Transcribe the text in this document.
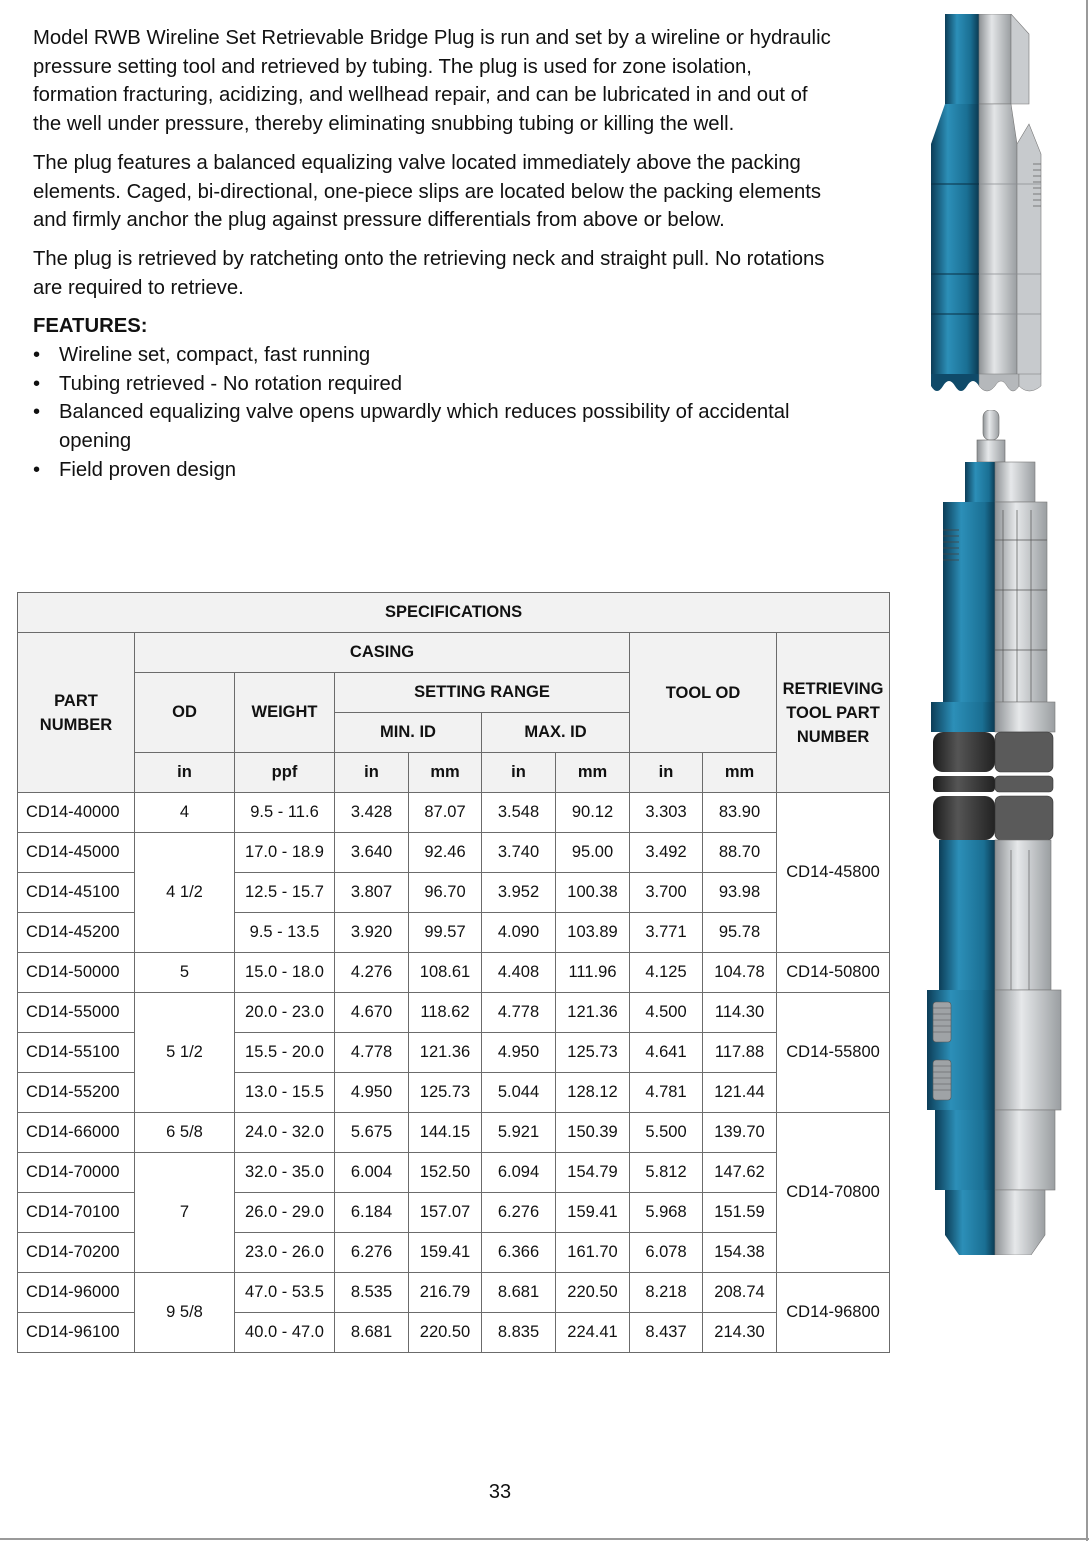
Model RWB Wireline Set Retrievable Bridge Plug is run and set by a wireline or hydraulic pressure setting tool and retrieved by tubing. The plug is used for zone isolation, formation fracturing, acidizing, and wellhead repair, and can be lubricated in and out of the well under pressure, thereby eliminating snubbing tubing or killing the well.

The plug features a balanced equalizing valve located immediately above the packing elements. Caged, bi-directional, one-piece slips are located below the packing elements and firmly anchor the plug against pressure differentials from above or below.

The plug is retrieved by ratcheting onto the retrieving neck and straight pull. No rotations are required to retrieve.

FEATURES:

• Wireline set, compact, fast running
• Tubing retrieved - No rotation required
• Balanced equalizing valve opens upwardly which reduces possibility of accidental opening
• Field proven design
SPECIFICATIONS									
PART NUMBER	CASING						TOOL OD		RETRIEVING TOOL PART NUMBER
	OD	WEIGHT	SETTING RANGE						
			MIN. ID		MAX. ID				
	in	ppf	in	mm	in	mm	in	mm	
CD14-40000	4	9.5 - 11.6	3.428	87.07	3.548	90.12	3.303	83.90	CD14-45800
CD14-45000	4 1/2	17.0 - 18.9	3.640	92.46	3.740	95.00	3.492	88.70	
CD14-45100		12.5 - 15.7	3.807	96.70	3.952	100.38	3.700	93.98	
CD14-45200		9.5 - 13.5	3.920	99.57	4.090	103.89	3.771	95.78	
CD14-50000	5	15.0 - 18.0	4.276	108.61	4.408	111.96	4.125	104.78	CD14-50800
CD14-55000	5 1/2	20.0 - 23.0	4.670	118.62	4.778	121.36	4.500	114.30	CD14-55800
CD14-55100		15.5 - 20.0	4.778	121.36	4.950	125.73	4.641	117.88	
CD14-55200		13.0 - 15.5	4.950	125.73	5.044	128.12	4.781	121.44	
CD14-66000	6 5/8	24.0 - 32.0	5.675	144.15	5.921	150.39	5.500	139.70	CD14-70800
CD14-70000	7	32.0 - 35.0	6.004	152.50	6.094	154.79	5.812	147.62	
CD14-70100		26.0 - 29.0	6.184	157.07	6.276	159.41	5.968	151.59	
CD14-70200		23.0 - 26.0	6.276	159.41	6.366	161.70	6.078	154.38	
CD14-96000	9 5/8	47.0 - 53.5	8.535	216.79	8.681	220.50	8.218	208.74	CD14-96800
CD14-96100		40.0 - 47.0	8.681	220.50	8.835	224.41	8.437	214.30	
33
